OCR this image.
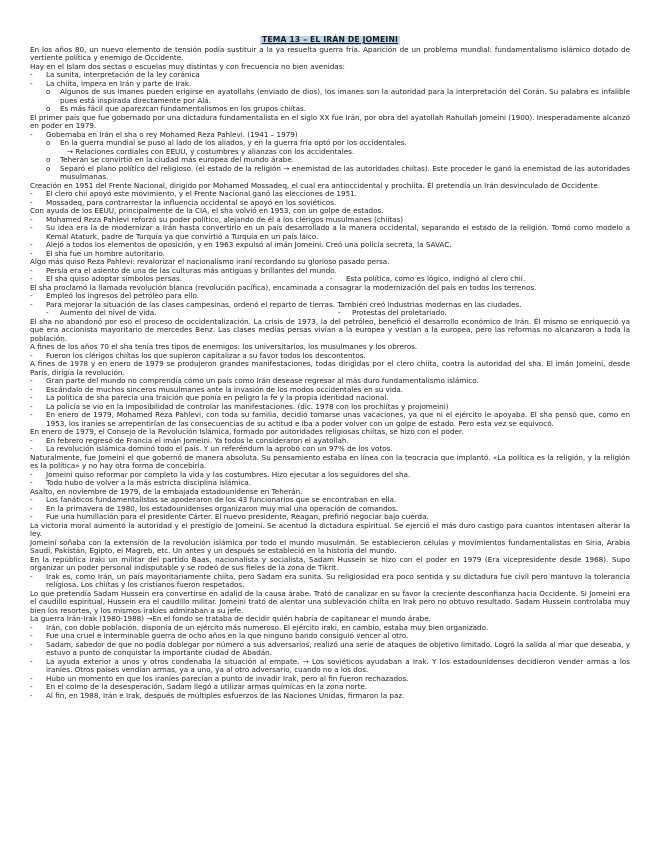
TEMA 13 – EL IRÁN DE JOMEINI

En los años 80, un nuevo elemento de tensión podía sustituir a la ya resuelta guerra fría. Aparición de un problema mundial: fundamentalismo islámico dotado de vertiente política y enemigo de Occidente.

Hay en el Islam dos sectas o escuelas muy distintas y con frecuencia no bien avenidas:

-	La sunita, interpretación de la ley coránica
-	La chiíta, impera en Irán y parte de Irak.
o	Algunos de sus imanes pueden erigirse en ayatollahs (enviado de dios), los imanes son la autoridad para la interpretación del Corán. Su palabra es infalible pues está inspirada directamente por Alá.
o	Es más fácil que aparezcan fundamentalismos en los grupos chiítas.

El primer país que fue gobernado por una dictadura fundamentalista en el siglo XX fue Irán, por obra del ayatollah Rahullah Jomeini (1900). Inesperadamente alcanzó en poder en 1979.

-	Gobernaba en Irán el sha o rey Mohamed Reza Pahlevi. (1941 – 1979)
o	En la guerra mundial se puso al lado de los aliados, y en la guerra fría optó por los occidentales.
→ Relaciones cordiales con EEUU, y costumbres y alianzas con los accidentales.
o	Teherán se convirtió en la ciudad más europea del mundo árabe.
o	Separó el plano político del religioso. (el estado de la religión → enemistad de las autoridades chiítas). Este proceder le ganó la enemistad de las autoridades musulmanas.

Creación en 1951 del Frente Nacional, dirigido por Mohamed Mossadeq, el cual era antioccidental y prochiíta. Él pretendía un Irán desvinculado de Occidente.

-	El clero chií apoyó este movimiento, y el Frente Nacional ganó las elecciones de 1951.
-	Mossadeq, para contrarrestar la influencia occidental se apoyó en los soviéticos.

Con ayuda de los EEUU, principalmente de la CIA, el sha volvió en 1953, con un golpe de estados.

-	Mohamed Reza Pahlevi reforzó su poder político, alejando de él a los clérigos musulmanes (chiítas)
-	Su idea era la de modernizar a Irán hasta convertirlo en un país desarrollado a la manera occidental, separando el estado de la religión. Tomó como modelo a Kemal Ataturk, padre de Turquía ya que convirtió a Turquía en un país laico.
-	Alejó a todos los elementos de oposición, y en 1963 expulsó al imán Jomeini. Creó una policía secreta, la SAVAC.
-	El sha fue un hombre autoritario.

Algo más quiso Reza Pahlevi: revalorizar el nacionalismo iraní recordando su glorioso pasado persa.

-	Persia era el asiento de una de las culturas más antiguas y brillantes del mundo.
-	El sha quiso adoptar símbolos persas.	-	Esta política, como es lógico, indignó al clero chií.

El sha proclamó la llamada revolución blanca (revolución pacífica), encaminada a consagrar la modernización del país en todos los terrenos.

-	Empleó los ingresos del petróleo para ello.
-	Para mejorar la situación de las clases campesinas, ordenó el reparto de tierras. También creó industrias modernas en las ciudades.
-	Aumento del nivel de vida.	-	Protestas del proletariado.

El sha no abandonó por eso el proceso de occidentalización. La crisis de 1973, la del petróleo, benefició el desarrollo económico de Irán. Él mismo se enriqueció ya que era accionista mayoritario de mercedes Benz. Las clases medias persas vivían a la europea y vestían a la europea, pero las reformas no alcanzaron a toda la población.

A fines de los años 70 el sha tenía tres tipos de enemigos: los universitarios, los musulmanes y los obreros.

-	Fueron los clérigos chiítas los que supieron capitalizar a su favor todos los descontentos.

A fines de 1978 y en enero de 1979 se produjeron grandes manifestaciones, todas dirigidas por el clero chiíta, contra la autoridad del sha. El imán Jomeini, desde París, dirigía la revolución.

-	Gran parte del mundo no comprendía cómo un país como Irán desease regresar al más duro fundamentalismo islámico.
-	Escándalo de muchos sinceros musulmanes ante la invasión de los modos occidentales en su vida.
-	La política de sha parecía una traición que ponía en peligro la fe y la propia identidad nacional.
-	La policía se vio en la imposibilidad de controlar las manifestaciones. (dic. 1978 con los prochiítas y projomeini)
-	En enero de 1979, Mohamed Reza Pahlevi, con toda su familia, decidió tomarse unas vacaciones, ya que ni el ejército le apoyaba. El sha pensó que, como en 1953, los iraníes se arrepentirían de las consecuencias de su actitud e iba a poder volver con un golpe de estado. Pero esta vez se equivocó.

En enero de 1979, el Consejo de la Revolución Islámica, formado por autoridades religiosas chiítas, se hizo con el poder.

-	En febrero regresó de Francia el imán Jomeini. Ya todos le consideraron el ayatollah.
-	La revolución islámica dominó todo el país. Y un referéndum la aprobó con un 97% de los votos.

Naturalmente, fue Jomeini el que gobernó de manera absoluta. Su pensamiento estaba en línea con la teocracia que implantó. «La política es la religión, y la religión es la política» y no hay otra forma de concebirla.

-	Jomeini quiso reformar por completo la vida y las costumbres. Hizo ejecutar a los seguidores del sha.
-	Todo hubo de volver a la más estricta disciplina islámica.

Asalto, en noviembre de 1979, de la embajada estadounidense en Teherán.

-	Los fanáticos fundamentalistas se apoderaron de los 43 funcionarios que se encontraban en ella.
-	En la primavera de 1980, los estadounidenses organizaron muy mal una operación de comandos.
-	Fue una humillación para el presidente Cárter. El nuevo presidente, Reagan, prefirió negociar bajo cuerda.

La victoria moral aumentó la autoridad y el prestigio de Jomeini. Se acentuó la dictadura espiritual. Se ejerció el más duro castigo para cuantos intentasen alterar la ley.

Jomeini soñaba con la extensión de la revolución islámica por todo el mundo musulmán. Se establecieron células y movimientos fundamentalistas en Siria, Arabia Saudí, Pakistán, Egipto, el Magreb, etc. Un antes y un después se estableció en la historia del mundo.

En la república iraki un militar del partido Baas, nacionalista y socialista, Sadam Hussein se hizo con el poder en 1979 (Era vicepresidente desde 1968). Supo organizar un poder personal indisputable y se rodeó de sus fieles de la zona de Tikrit.

-	Irak es, como Irán, un país mayoritariamente chiíta, pero Sadam era sunita. Su religiosidad era poco sentida y su dictadura fue civil pero mantuvo la tolerancia religiosa. Los chiítas y los cristianos fueron respetados.

Lo que pretendía Sadam Hussein era convertirse en adalid de la causa árabe. Trató de canalizar en su favor la creciente desconfianza hacia Occidente. Si Jomeini era el caudillo espiritual, Hussein era el caudillo militar. Jomeini trató de alentar una sublevación chiíta en Irak pero no obtuvo resultado. Sadam Hussein controlaba muy bien los resortes, y los mismos irakíes admiraban a su jefe.

La guerra Irán-Irak (1980-1988) →En el fondo se trataba de decidir quién habría de capitanear el mundo árabe.

-	Irán, con doble población, disponía de un ejército más numeroso. El ejército iraki, en cambio, estaba muy bien organizado.
-	Fue una cruel e interminable guerra de ocho años en la que ninguno bando consiguió vencer al otro.
-	Sadam, sabedor de que no podía doblegar por número a sus adversarios, realizó una serie de ataques de objetivo limitado. Logró la salida al mar que deseaba, y estuvo a punto de conquistar la importante ciudad de Abadán.
-	La ayuda exterior a unos y otros condenaba la situación al empate. → Los soviéticos ayudaban a Irak. Y los estadounidenses decidieron vender armas a los iraníes. Otros países vendían armas, ya a uno, ya al otro adversario, cuando no a los dos.
-	Hubo un momento en que los iraníes parecían a punto de invadir Irak, pero al fin fueron rechazados.
-	En el colmo de la desesperación, Sadam llegó a utilizar armas químicas en la zona norte.
-	Al fin, en 1988, Irán e Irak, después de múltiples esfuerzos de las Naciones Unidas, firmaron la paz.
